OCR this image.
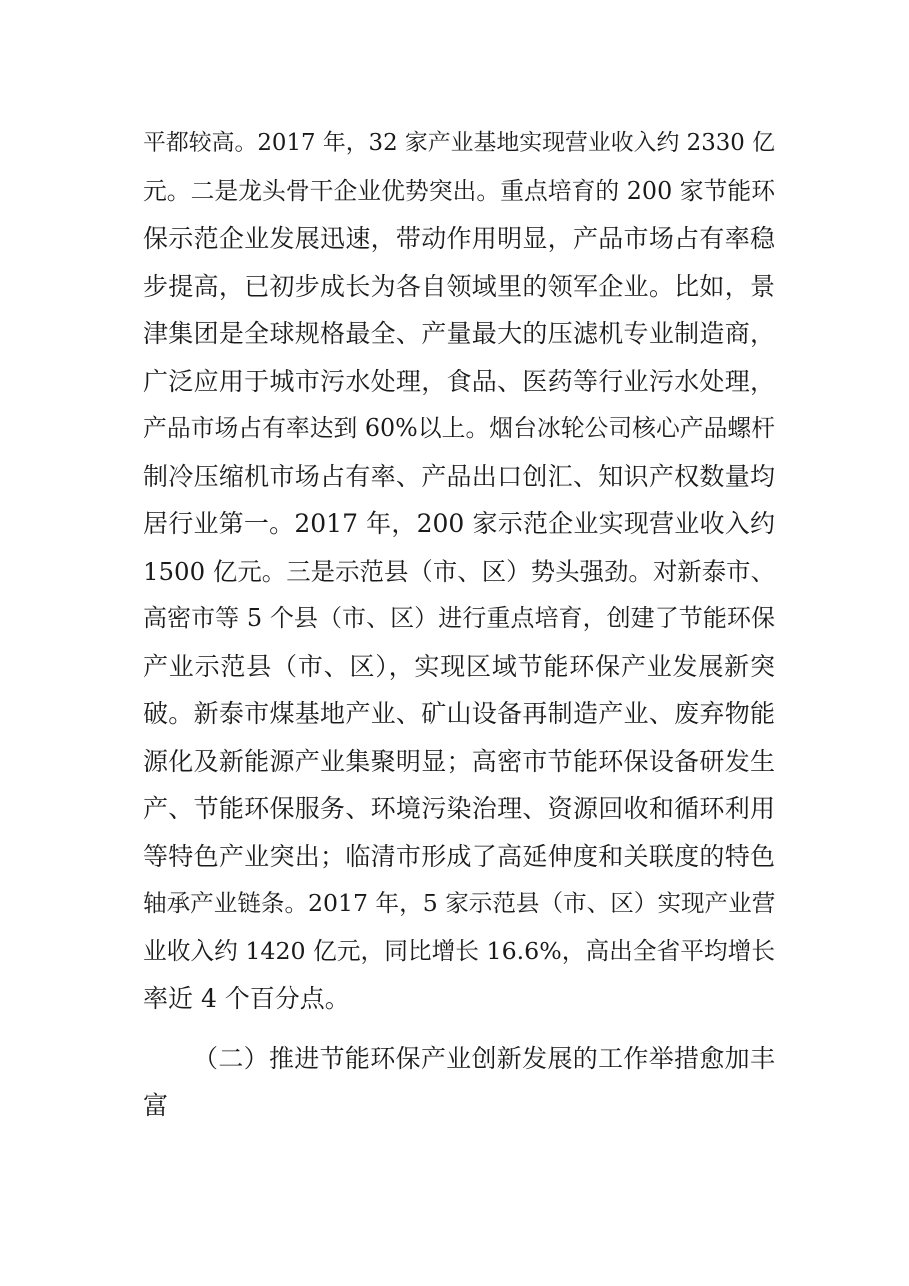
平都较高。2017 年，32 家产业基地实现营业收入约 2330 亿
元。二是龙头骨干企业优势突出。重点培育的 200 家节能环
保示范企业发展迅速，带动作用明显，产品市场占有率稳
步提高，已初步成长为各自领域里的领军企业。比如，景
津集团是全球规格最全、产量最大的压滤机专业制造商，
广泛应用于城市污水处理，食品、医药等行业污水处理，
产品市场占有率达到 60%以上。烟台冰轮公司核心产品螺杆
制冷压缩机市场占有率、产品出口创汇、知识产权数量均
居行业第一。2017 年，200 家示范企业实现营业收入约
1500 亿元。三是示范县（市、区）势头强劲。对新泰市、
高密市等 5 个县（市、区）进行重点培育，创建了节能环保
产业示范县（市、区），实现区域节能环保产业发展新突
破。新泰市煤基地产业、矿山设备再制造产业、废弃物能
源化及新能源产业集聚明显；高密市节能环保设备研发生
产、节能环保服务、环境污染治理、资源回收和循环利用
等特色产业突出；临清市形成了高延伸度和关联度的特色
轴承产业链条。2017 年，5 家示范县（市、区）实现产业营
业收入约 1420 亿元，同比增长 16.6%，高出全省平均增长
率近 4 个百分点。
（二）推进节能环保产业创新发展的工作举措愈加丰
富
